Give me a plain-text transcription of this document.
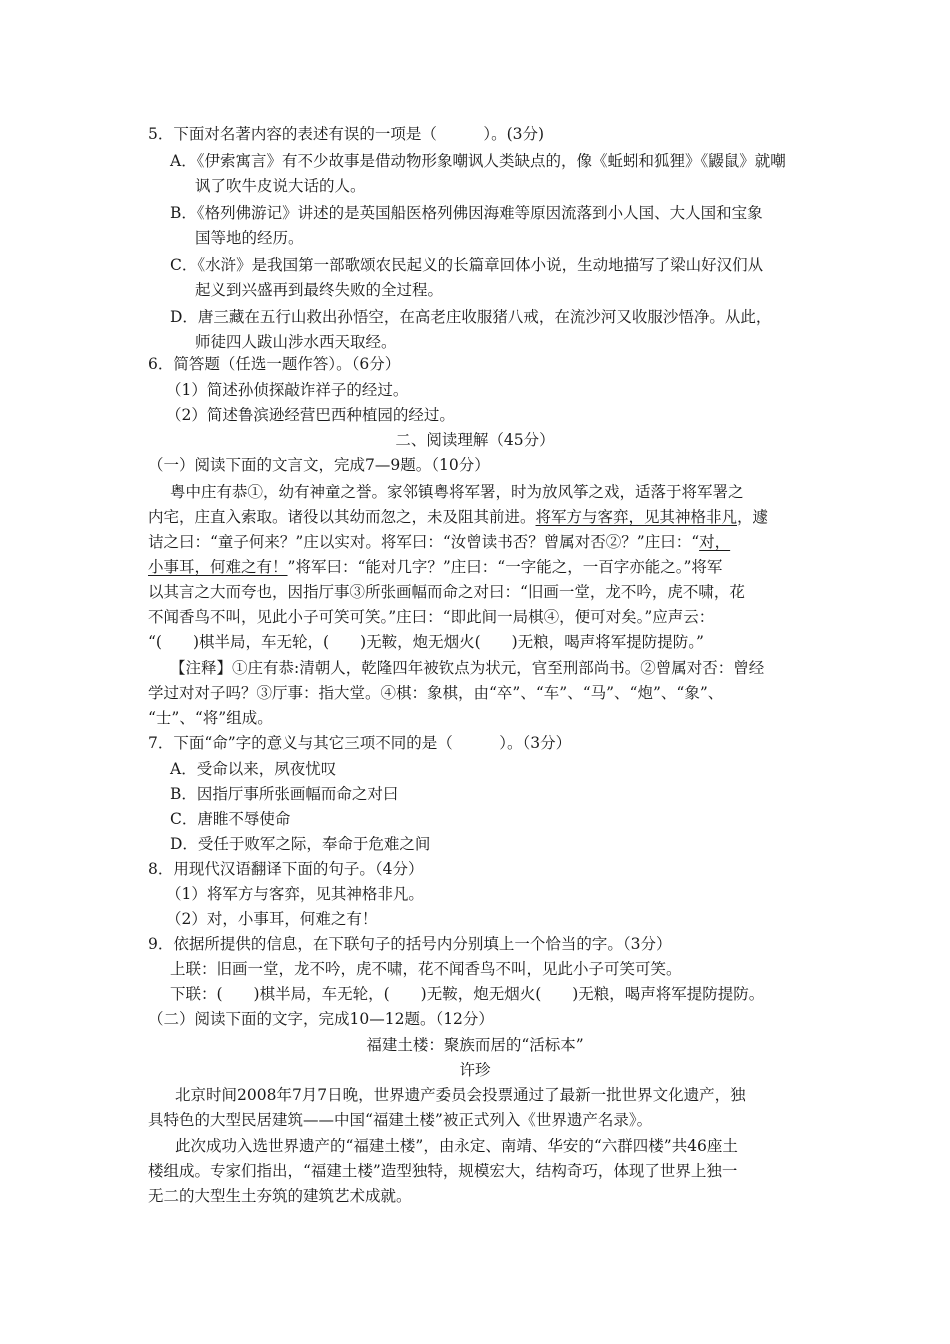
5．下面对名著内容的表述有误的一项是（　　　）。(3分)
A．《伊索寓言》有不少故事是借动物形象嘲讽人类缺点的，像《蚯蚓和狐狸》《鼹鼠》就嘲
讽了吹牛皮说大话的人。
B．《格列佛游记》讲述的是英国船医格列佛因海难等原因流落到小人国、大人国和宝象
国等地的经历。
C．《水浒》是我国第一部歌颂农民起义的长篇章回体小说，生动地描写了梁山好汉们从
起义到兴盛再到最终失败的全过程。
D．唐三藏在五行山救出孙悟空，在高老庄收服猪八戒，在流沙河又收服沙悟净。从此，
师徒四人跋山涉水西天取经。
6．简答题（任选一题作答）。（6分）
（1）简述孙侦探敲诈祥子的经过。
（2）简述鲁滨逊经营巴西种植园的经过。
二、阅读理解（45分）
（一）阅读下面的文言文，完成7—9题。（10分）
粤中庄有恭①，幼有神童之誉。家邻镇粤将军署，时为放风筝之戏，适落于将军署之
内宅，庄直入索取。诸役以其幼而忽之，未及阻其前进。将军方与客弈，见其神格非凡，遽
诘之曰：“童子何来？”庄以实对。将军曰：“汝曾读书否？曾属对否②？”庄曰：“对，
小事耳，何难之有！”将军曰：“能对几字？”庄曰：“一字能之，一百字亦能之。”将军
以其言之大而夸也，因指厅事③所张画幅而命之对曰：“旧画一堂，龙不吟，虎不啸，花
不闻香鸟不叫，见此小子可笑可笑。”庄曰：“即此间一局棋④，便可对矣。”应声云：
“(　　)棋半局，车无轮，(　　)无鞍，炮无烟火(　　)无粮，喝声将军提防提防。”
【注释】①庄有恭:清朝人，乾隆四年被钦点为状元，官至刑部尚书。②曾属对否：曾经
学过对对子吗？③厅事：指大堂。④棋：象棋，由“卒”、“车”、“马”、“炮”、“象”、
“士”、“将”组成。
7．下面“命”字的意义与其它三项不同的是（　　　）。（3分）
A．受命以来，夙夜忧叹
B．因指厅事所张画幅而命之对曰
C．唐睢不辱使命
D．受任于败军之际，奉命于危难之间
8．用现代汉语翻译下面的句子。（4分）
（1）将军方与客弈，见其神格非凡。
（2）对，小事耳，何难之有！
9．依据所提供的信息，在下联句子的括号内分别填上一个恰当的字。（3分）
上联：旧画一堂，龙不吟，虎不啸，花不闻香鸟不叫，见此小子可笑可笑。
下联：(　　)棋半局，车无轮，(　　)无鞍，炮无烟火(　　)无粮，喝声将军提防提防。
（二）阅读下面的文字，完成10—12题。（12分）
福建土楼：聚族而居的“活标本”
许珍
北京时间2008年7月7日晚，世界遗产委员会投票通过了最新一批世界文化遗产，独
具特色的大型民居建筑——中国“福建土楼”被正式列入《世界遗产名录》。
此次成功入选世界遗产的“福建土楼”，由永定、南靖、华安的“六群四楼”共46座土
楼组成。专家们指出，“福建土楼”造型独特，规模宏大，结构奇巧，体现了世界上独一
无二的大型生土夯筑的建筑艺术成就。
